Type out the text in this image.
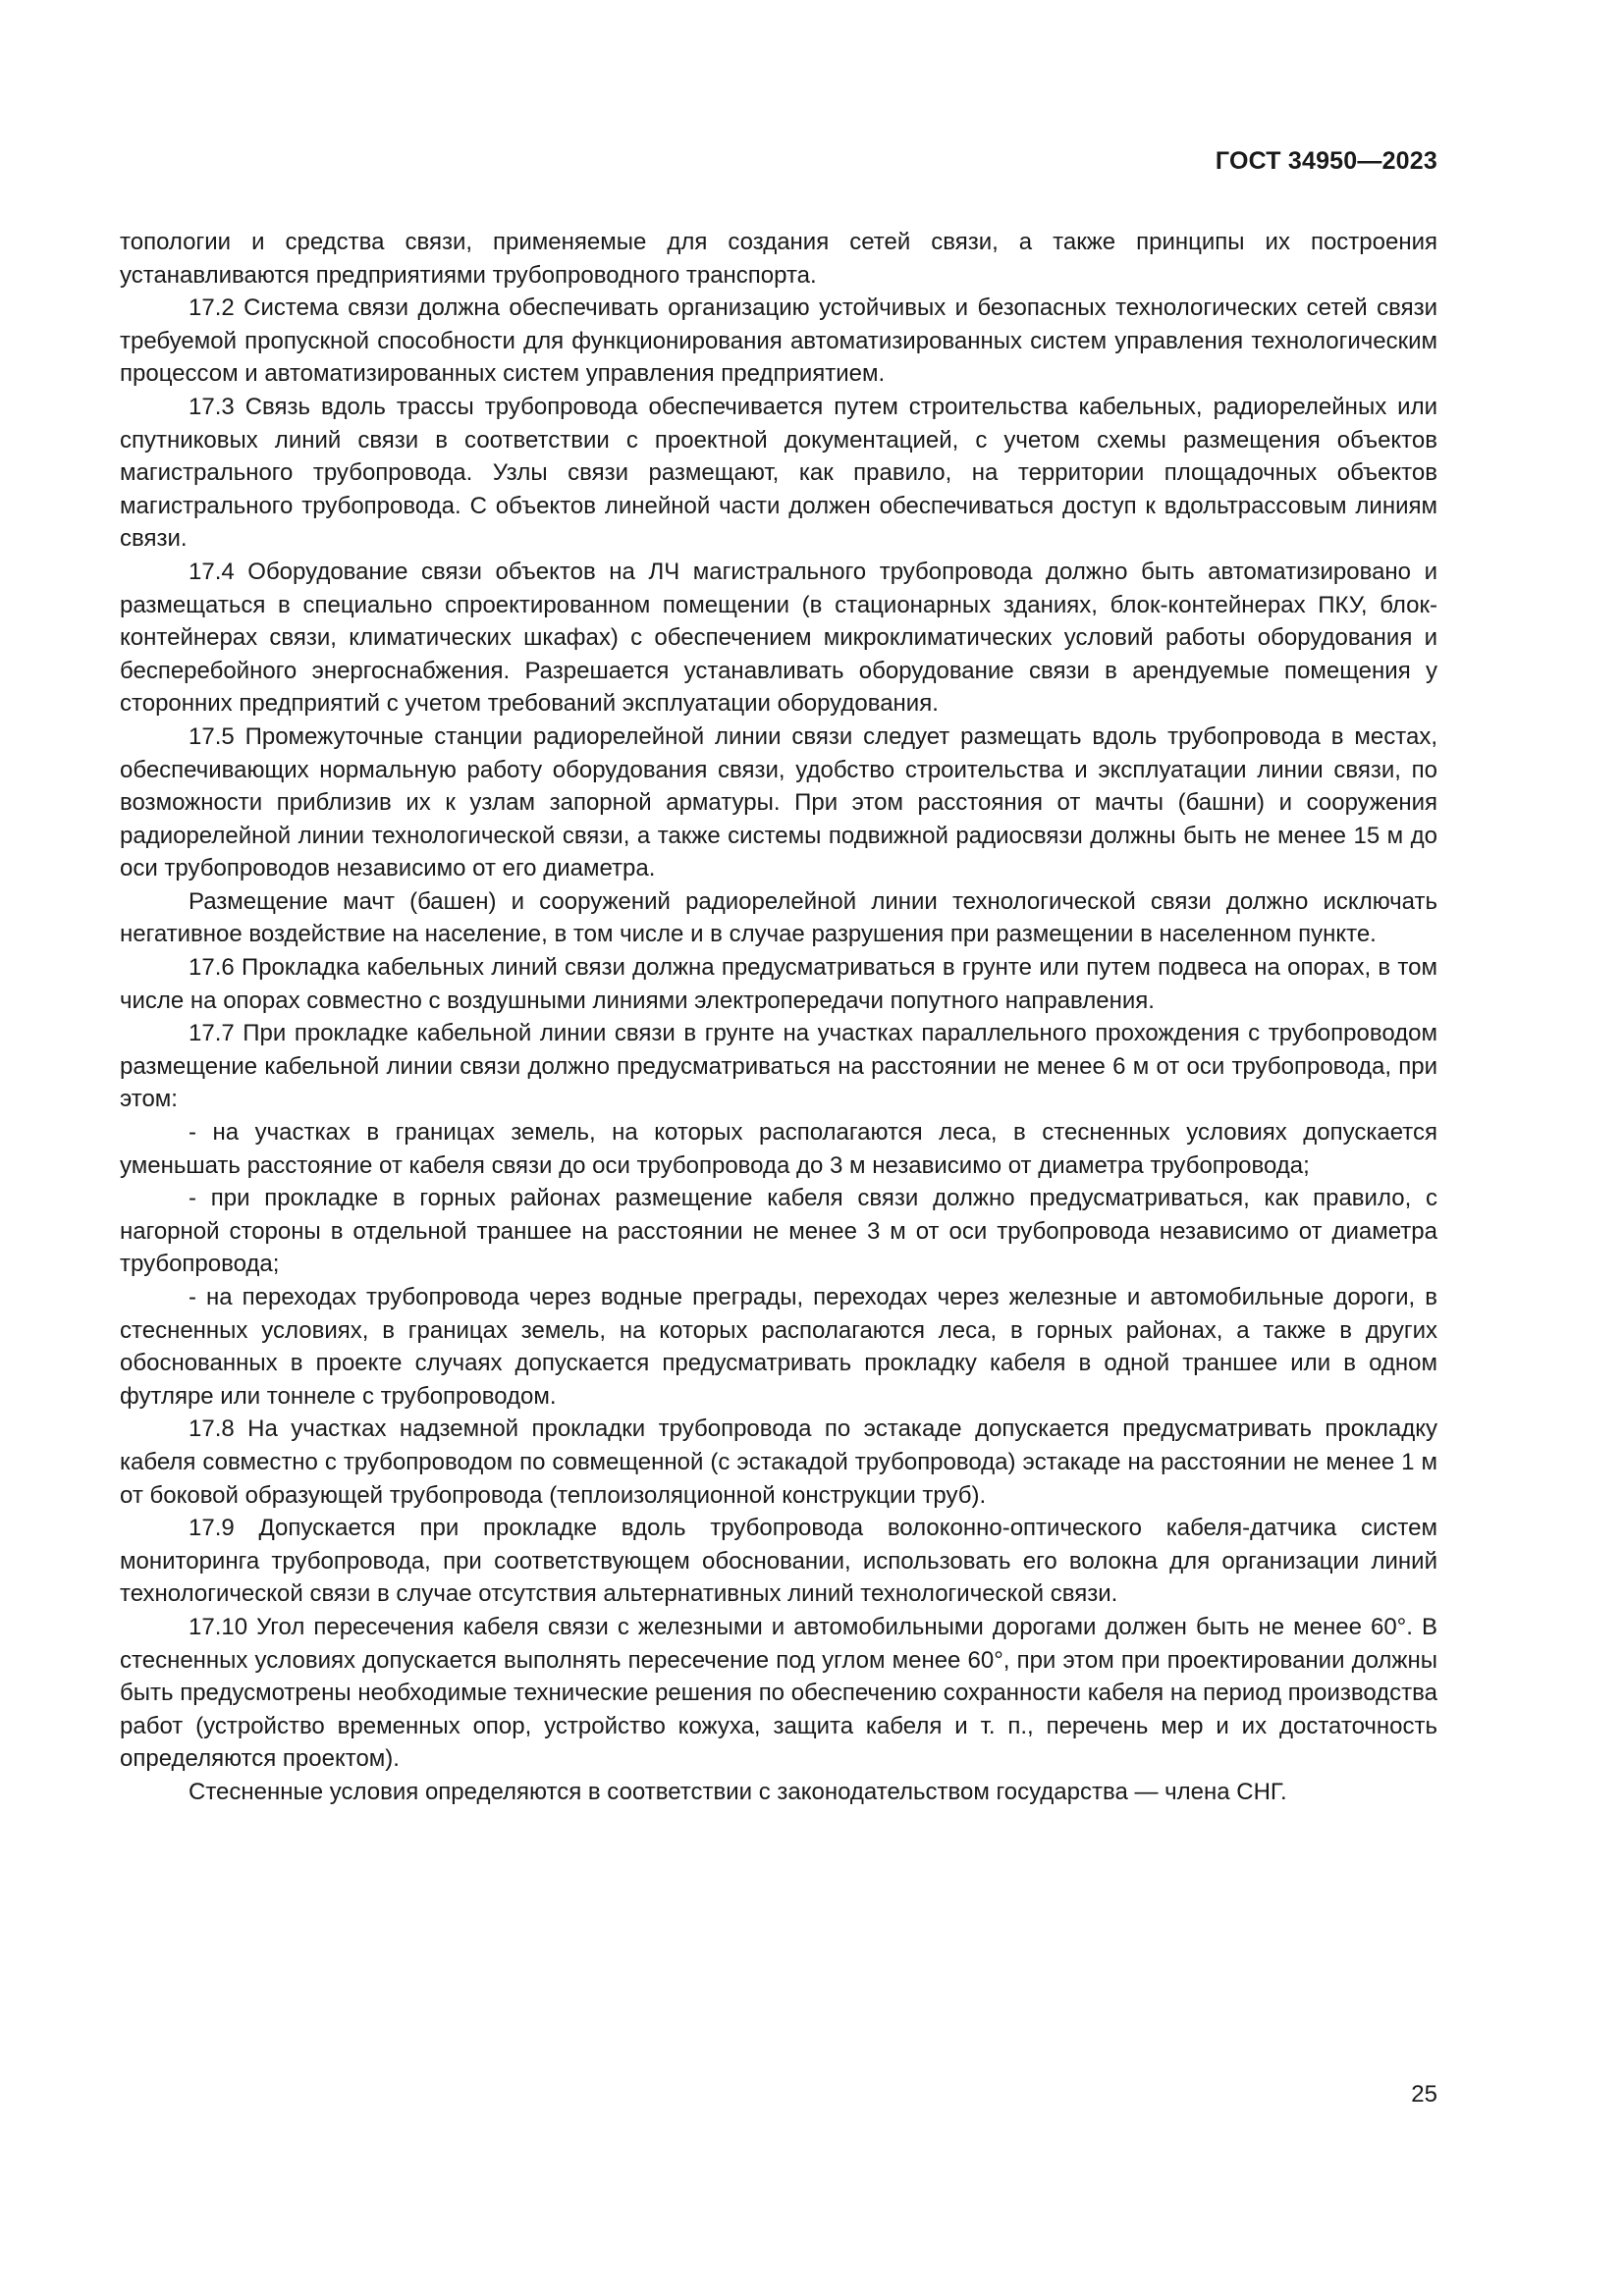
ГОСТ 34950—2023

топологии и средства связи, применяемые для создания сетей связи, а также принципы их построения устанавливаются предприятиями трубопроводного транспорта.

17.2 Система связи должна обеспечивать организацию устойчивых и безопасных технологических сетей связи требуемой пропускной способности для функционирования автоматизированных систем управления технологическим процессом и автоматизированных систем управления предприятием.

17.3 Связь вдоль трассы трубопровода обеспечивается путем строительства кабельных, радиорелейных или спутниковых линий связи в соответствии с проектной документацией, с учетом схемы размещения объектов магистрального трубопровода. Узлы связи размещают, как правило, на территории площадочных объектов магистрального трубопровода. С объектов линейной части должен обеспечиваться доступ к вдольтрассовым линиям связи.

17.4 Оборудование связи объектов на ЛЧ магистрального трубопровода должно быть автоматизировано и размещаться в специально спроектированном помещении (в стационарных зданиях, блок-контейнерах ПКУ, блок-контейнерах связи, климатических шкафах) с обеспечением микроклиматических условий работы оборудования и бесперебойного энергоснабжения. Разрешается устанавливать оборудование связи в арендуемые помещения у сторонних предприятий с учетом требований эксплуатации оборудования.

17.5 Промежуточные станции радиорелейной линии связи следует размещать вдоль трубопровода в местах, обеспечивающих нормальную работу оборудования связи, удобство строительства и эксплуатации линии связи, по возможности приблизив их к узлам запорной арматуры. При этом расстояния от мачты (башни) и сооружения радиорелейной линии технологической связи, а также системы подвижной радиосвязи должны быть не менее 15 м до оси трубопроводов независимо от его диаметра.

Размещение мачт (башен) и сооружений радиорелейной линии технологической связи должно исключать негативное воздействие на население, в том числе и в случае разрушения при размещении в населенном пункте.

17.6 Прокладка кабельных линий связи должна предусматриваться в грунте или путем подвеса на опорах, в том числе на опорах совместно с воздушными линиями электропередачи попутного направления.

17.7 При прокладке кабельной линии связи в грунте на участках параллельного прохождения с трубопроводом размещение кабельной линии связи должно предусматриваться на расстоянии не менее 6 м от оси трубопровода, при этом:

- на участках в границах земель, на которых располагаются леса, в стесненных условиях допускается уменьшать расстояние от кабеля связи до оси трубопровода до 3 м независимо от диаметра трубопровода;

- при прокладке в горных районах размещение кабеля связи должно предусматриваться, как правило, с нагорной стороны в отдельной траншее на расстоянии не менее 3 м от оси трубопровода независимо от диаметра трубопровода;

- на переходах трубопровода через водные преграды, переходах через железные и автомобильные дороги, в стесненных условиях, в границах земель, на которых располагаются леса, в горных районах, а также в других обоснованных в проекте случаях допускается предусматривать прокладку кабеля в одной траншее или в одном футляре или тоннеле с трубопроводом.

17.8 На участках надземной прокладки трубопровода по эстакаде допускается предусматривать прокладку кабеля совместно с трубопроводом по совмещенной (с эстакадой трубопровода) эстакаде на расстоянии не менее 1 м от боковой образующей трубопровода (теплоизоляционной конструкции труб).

17.9 Допускается при прокладке вдоль трубопровода волоконно-оптического кабеля-датчика систем мониторинга трубопровода, при соответствующем обосновании, использовать его волокна для организации линий технологической связи в случае отсутствия альтернативных линий технологической связи.

17.10 Угол пересечения кабеля связи с железными и автомобильными дорогами должен быть не менее 60°. В стесненных условиях допускается выполнять пересечение под углом менее 60°, при этом при проектировании должны быть предусмотрены необходимые технические решения по обеспечению сохранности кабеля на период производства работ (устройство временных опор, устройство кожуха, защита кабеля и т. п., перечень мер и их достаточность определяются проектом).

Стесненные условия определяются в соответствии с законодательством государства — члена СНГ.

25
